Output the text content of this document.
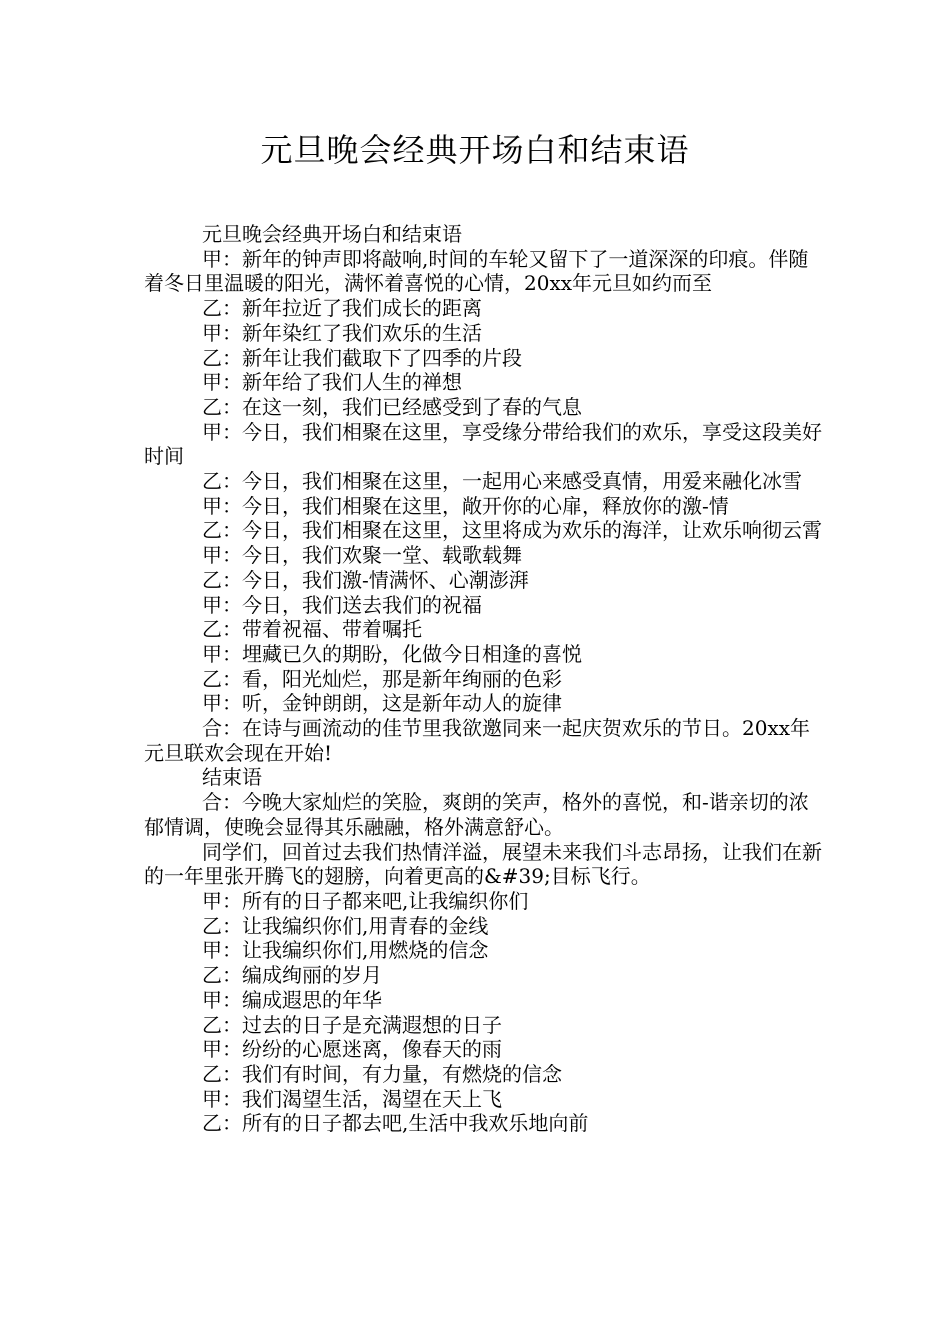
元旦晚会经典开场白和结束语

元旦晚会经典开场白和结束语

甲：新年的钟声即将敲响,时间的车轮又留下了一道深深的印痕。伴随着冬日里温暖的阳光，满怀着喜悦的心情，20xx年元旦如约而至

乙：新年拉近了我们成长的距离

甲：新年染红了我们欢乐的生活

乙：新年让我们截取下了四季的片段

甲：新年给了我们人生的禅想

乙：在这一刻，我们已经感受到了春的气息

甲：今日，我们相聚在这里，享受缘分带给我们的欢乐，享受这段美好时间

乙：今日，我们相聚在这里，一起用心来感受真情，用爱来融化冰雪

甲：今日，我们相聚在这里，敞开你的心扉，释放你的激-情

乙：今日，我们相聚在这里，这里将成为欢乐的海洋，让欢乐响彻云霄

甲：今日，我们欢聚一堂、载歌载舞

乙：今日，我们激-情满怀、心潮澎湃

甲：今日，我们送去我们的祝福

乙：带着祝福、带着嘱托

甲：埋藏已久的期盼，化做今日相逢的喜悦

乙：看，阳光灿烂，那是新年绚丽的色彩

甲：听，金钟朗朗，这是新年动人的旋律

合：在诗与画流动的佳节里我欲邀同来一起庆贺欢乐的节日。20xx年元旦联欢会现在开始!

结束语

合：今晚大家灿烂的笑脸，爽朗的笑声，格外的喜悦，和-谐亲切的浓郁情调，使晚会显得其乐融融，格外满意舒心。

同学们，回首过去我们热情洋溢，展望未来我们斗志昂扬，让我们在新的一年里张开腾飞的翅膀，向着更高的&#39;目标飞行。

甲：所有的日子都来吧,让我编织你们

乙：让我编织你们,用青春的金线

甲：让我编织你们,用燃烧的信念

乙：编成绚丽的岁月

甲：编成遐思的年华

乙：过去的日子是充满遐想的日子

甲：纷纷的心愿迷离，像春天的雨

乙：我们有时间，有力量，有燃烧的信念

甲：我们渴望生活，渴望在天上飞

乙：所有的日子都去吧,生活中我欢乐地向前
